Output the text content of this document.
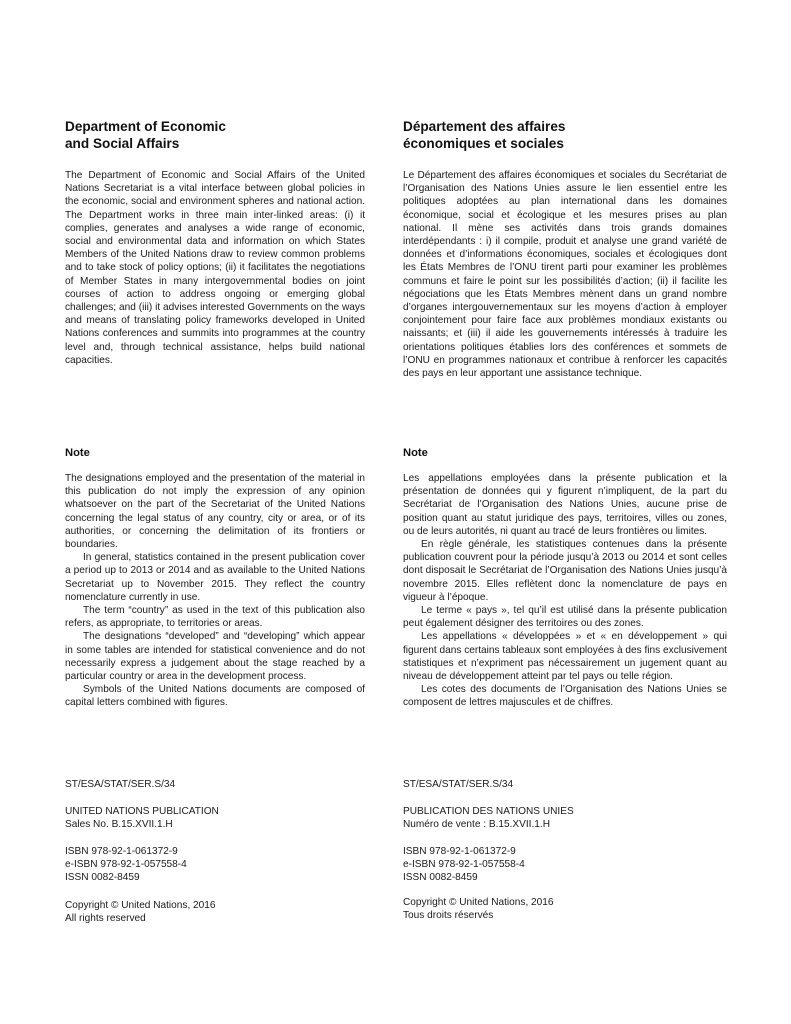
Department of Economic
and Social Affairs

The Department of Economic and Social Affairs of the United Nations Secretariat is a vital interface between global policies in the economic, social and environment spheres and national action. The Department works in three main inter-linked areas: (i) it complies, generates and analyses a wide range of economic, social and environmental data and information on which States Members of the United Nations draw to review common problems and to take stock of policy options; (ii) it facilitates the negotiations of Member States in many intergovernmental bodies on joint courses of action to address ongoing or emerging global challenges; and (iii) it advises interested Governments on the ways and means of translating policy frameworks developed in United Nations conferences and summits into programmes at the country level and, through technical assistance, helps build national capacities.

Note

The designations employed and the presentation of the material in this publication do not imply the expression of any opinion whatsoever on the part of the Secretariat of the United Nations concerning the legal status of any country, city or area, or of its authorities, or concerning the delimitation of its frontiers or boundaries.

In general, statistics contained in the present publication cover a period up to 2013 or 2014 and as available to the United Nations Secretariat up to November 2015. They reflect the country nomenclature currently in use.

The term “country” as used in the text of this publication also refers, as appropriate, to territories or areas.

The designations “developed” and “developing” which appear in some tables are intended for statistical convenience and do not necessarily express a judgement about the stage reached by a particular country or area in the development process.

Symbols of the United Nations documents are composed of capital letters combined with figures.

ST/ESA/STAT/SER.S/34

UNITED NATIONS PUBLICATION

Sales No. B.15.XVII.1.H

ISBN 978-92-1-061372-9

e-ISBN 978-92-1-057558-4

ISSN 0082-8459

Copyright © United Nations, 2016

All rights reserved

Département des affaires
économiques et sociales

Le Département des affaires économiques et sociales du Secrétariat de l’Organisation des Nations Unies assure le lien essentiel entre les politiques adoptées au plan international dans les domaines économique, social et écologique et les mesures prises au plan national. Il mène ses activités dans trois grands domaines interdépendants : i) il compile, produit et analyse une grand variété de données et d’informations économiques, sociales et écologiques dont les États Membres de l’ONU tirent parti pour examiner les problèmes communs et faire le point sur les possibilités d’action; (ii) il facilite les négociations que les États Membres mènent dans un grand nombre d’organes intergouvernementaux sur les moyens d’action à employer conjointement pour faire face aux problèmes mondiaux existants ou naissants; et (iii) il aide les gouvernements intéressés à traduire les orientations politiques établies lors des conférences et sommets de l’ONU en programmes nationaux et contribue à renforcer les capacités des pays en leur apportant une assistance technique.

Note

Les appellations employées dans la présente publication et la présentation de données qui y figurent n’impliquent, de la part du Secrétariat de l’Organisation des Nations Unies, aucune prise de position quant au statut juridique des pays, territoires, villes ou zones, ou de leurs autorités, ni quant au tracé de leurs frontières ou limites.

En règle générale, les statistiques contenues dans la présente publication couvrent pour la période jusqu’à 2013 ou 2014 et sont celles dont disposait le Secrétariat de l’Organisation des Nations Unies jusqu’à novembre 2015. Elles reflètent donc la nomenclature de pays en vigueur à l’époque.

Le terme « pays », tel qu’il est utilisé dans la présente publication peut également désigner des territoires ou des zones.

Les appellations « développées » et « en développement » qui figurent dans certains tableaux sont employées à des fins exclusivement statistiques et n’expriment pas nécessairement un jugement quant au niveau de développement atteint par tel pays ou telle région.

Les cotes des documents de l’Organisation des Nations Unies se composent de lettres majuscules et de chiffres.

ST/ESA/STAT/SER.S/34

PUBLICATION DES NATIONS UNIES

Numéro de vente : B.15.XVII.1.H

ISBN 978-92-1-061372-9

e-ISBN 978-92-1-057558-4

ISSN 0082-8459

Copyright © United Nations, 2016

Tous droits réservés
